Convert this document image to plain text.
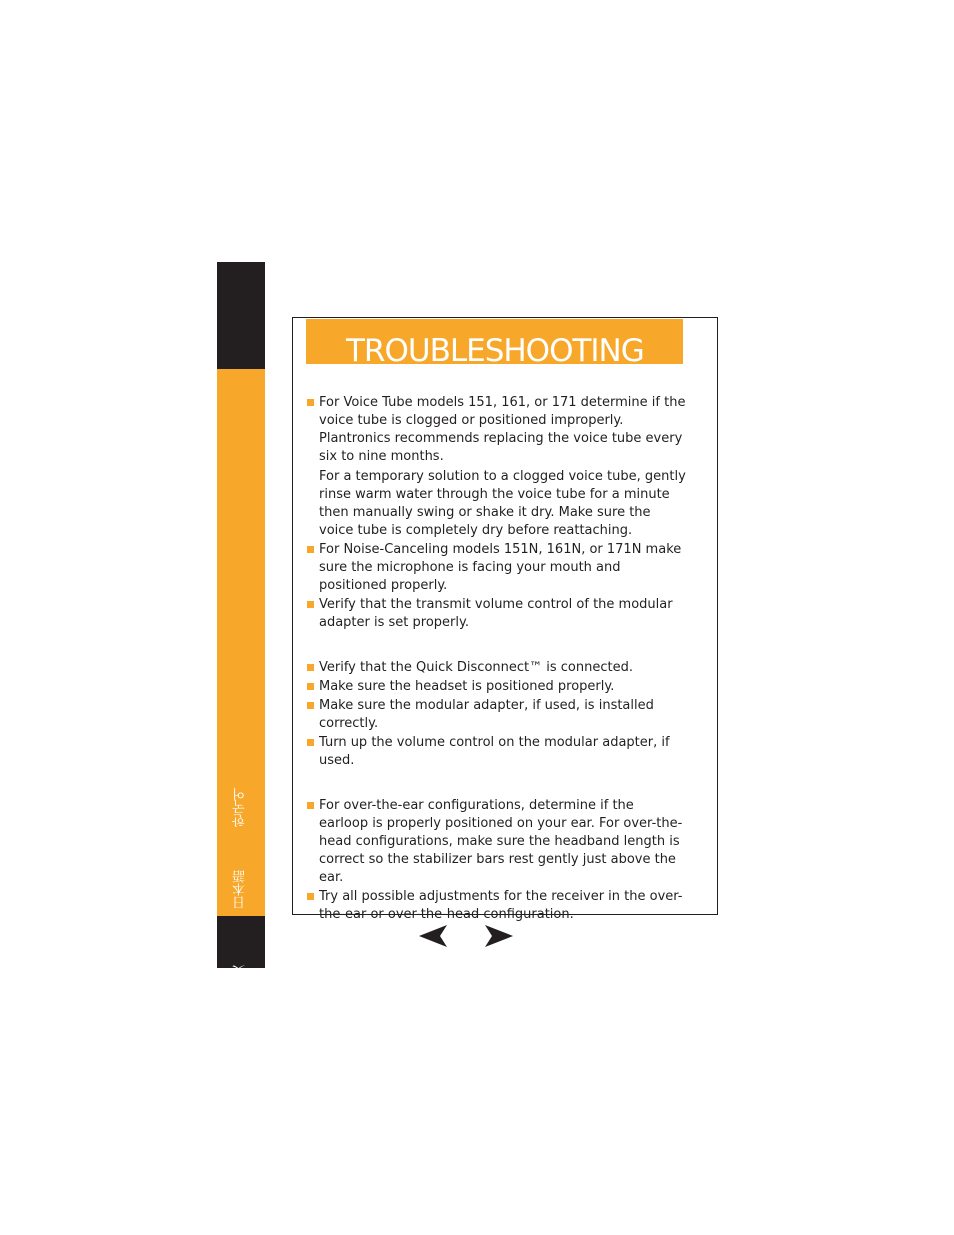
한국어
日本語
中文
TROUBLESHOOTING

For Voice Tube models 151, 161, or 171 determine if the voice tube is clogged or positioned improperly. Plantronics recommends replacing the voice tube every six to nine months.

For a temporary solution to a clogged voice tube, gently rinse warm water through the voice tube for a minute then manually swing or shake it dry. Make sure the voice tube is completely dry before reattaching.

For Noise-Canceling models 151N, 161N, or 171N make sure the microphone is facing your mouth and positioned properly.

Verify that the transmit volume control of the modular adapter is set properly.

Verify that the Quick Disconnect™ is connected.

Make sure the headset is positioned properly.

Make sure the modular adapter, if used, is installed correctly.

Turn up the volume control on the modular adapter, if used.

For over-the-ear configurations, determine if the earloop is properly positioned on your ear. For over-the-head configurations, make sure the headband length is correct so the stabilizer bars rest gently just above the ear.

Try all possible adjustments for the receiver in the over-the-ear or over-the-head configuration.
